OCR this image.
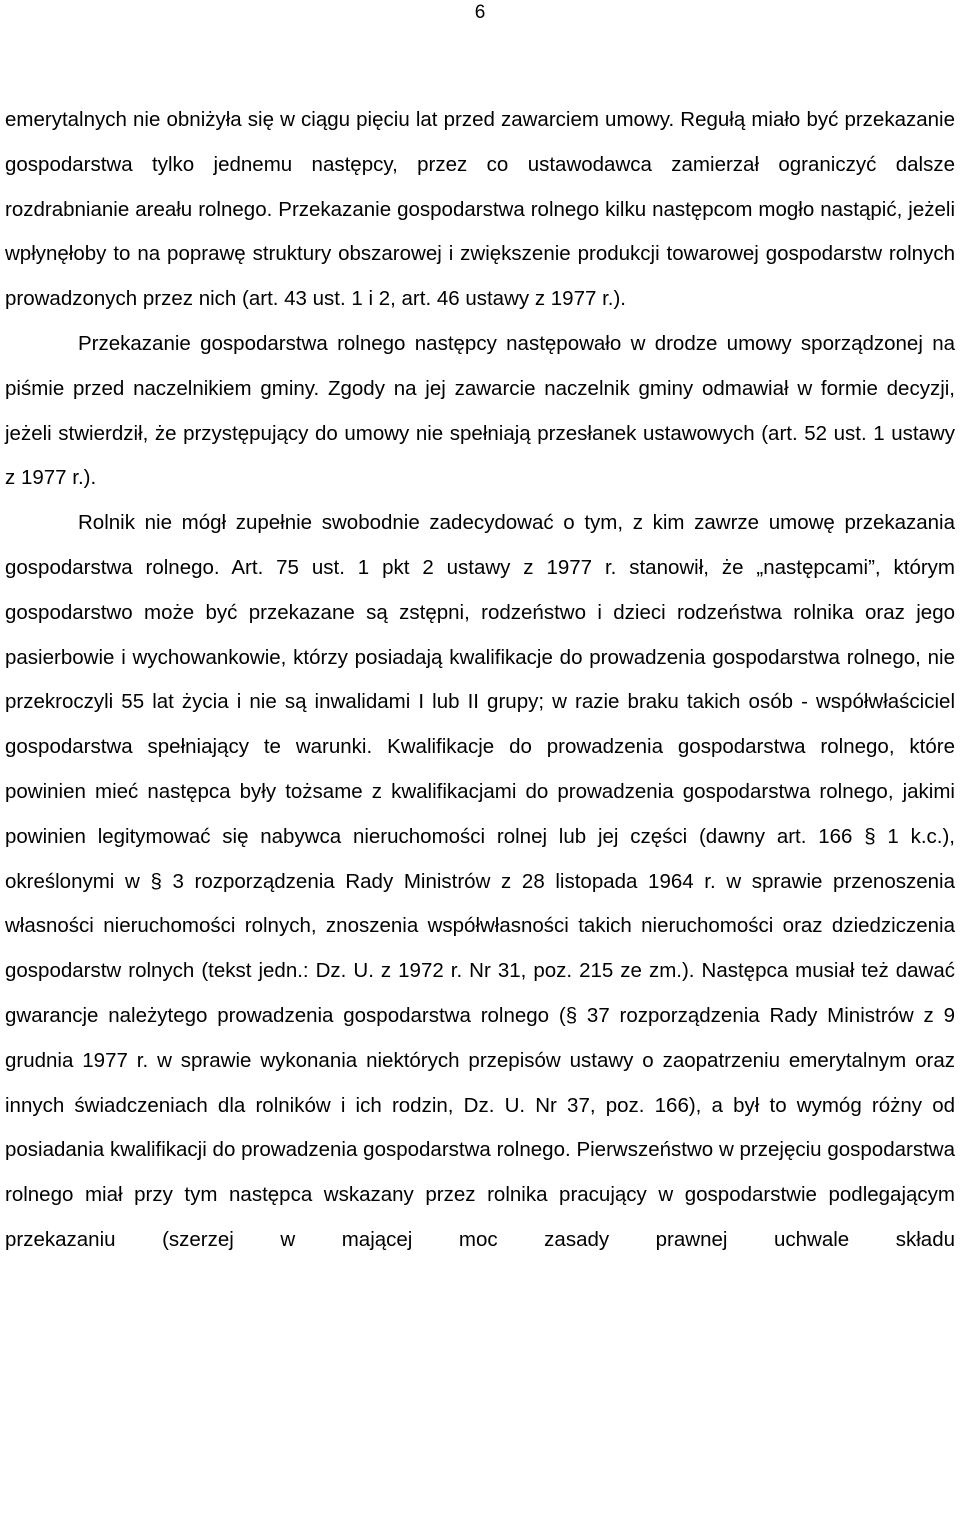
6

emerytalnych nie obniżyła się w ciągu pięciu lat przed zawarciem umowy. Regułą miało być przekazanie gospodarstwa tylko jednemu następcy, przez co ustawodawca zamierzał ograniczyć dalsze rozdrabnianie areału rolnego. Przekazanie gospodarstwa rolnego kilku następcom mogło nastąpić, jeżeli wpłynęłoby to na poprawę struktury obszarowej i zwiększenie produkcji towarowej gospodarstw rolnych prowadzonych przez nich (art. 43 ust. 1 i 2, art. 46 ustawy z 1977 r.).

Przekazanie gospodarstwa rolnego następcy następowało w drodze umowy sporządzonej na piśmie przed naczelnikiem gminy. Zgody na jej zawarcie naczelnik gminy odmawiał w formie decyzji, jeżeli stwierdził, że przystępujący do umowy nie spełniają przesłanek ustawowych (art. 52 ust. 1 ustawy z 1977 r.).

Rolnik nie mógł zupełnie swobodnie zadecydować o tym, z kim zawrze umowę przekazania gospodarstwa rolnego. Art. 75 ust. 1 pkt 2 ustawy z 1977 r. stanowił, że „następcami”, którym gospodarstwo może być przekazane są zstępni, rodzeństwo i dzieci rodzeństwa rolnika oraz jego pasierbowie i wychowankowie, którzy posiadają kwalifikacje do prowadzenia gospodarstwa rolnego, nie przekroczyli 55 lat życia i nie są inwalidami I lub II grupy; w razie braku takich osób - współwłaściciel gospodarstwa spełniający te warunki. Kwalifikacje do prowadzenia gospodarstwa rolnego, które powinien mieć następca były tożsame z kwalifikacjami do prowadzenia gospodarstwa rolnego, jakimi powinien legitymować się nabywca nieruchomości rolnej lub jej części (dawny art. 166 § 1 k.c.), określonymi w § 3 rozporządzenia Rady Ministrów z 28 listopada 1964 r. w sprawie przenoszenia własności nieruchomości rolnych, znoszenia współwłasności takich nieruchomości oraz dziedziczenia gospodarstw rolnych (tekst jedn.: Dz. U. z 1972 r. Nr 31, poz. 215 ze zm.). Następca musiał też dawać gwarancje należytego prowadzenia gospodarstwa rolnego (§ 37 rozporządzenia Rady Ministrów z 9 grudnia 1977 r. w sprawie wykonania niektórych przepisów ustawy o zaopatrzeniu emerytalnym oraz innych świadczeniach dla rolników i ich rodzin, Dz. U. Nr 37, poz. 166), a był to wymóg różny od posiadania kwalifikacji do prowadzenia gospodarstwa rolnego. Pierwszeństwo w przejęciu gospodarstwa rolnego miał przy tym następca wskazany przez rolnika pracujący w gospodarstwie podlegającym przekazaniu (szerzej w mającej moc zasady prawnej uchwale składu
